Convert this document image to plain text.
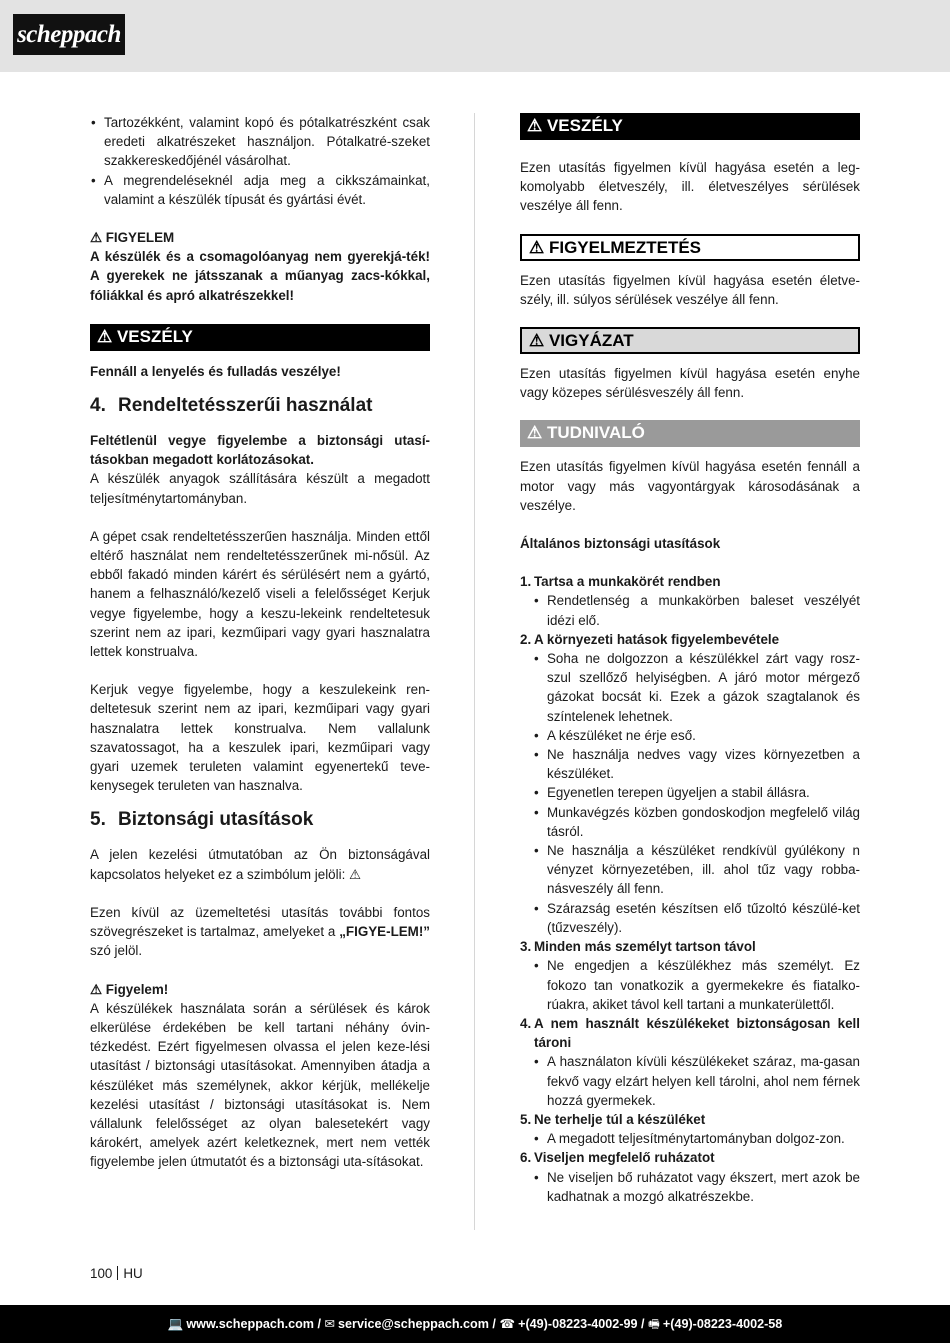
scheppach
• Tartozékként, valamint kopó és pótalkatrészként csak eredeti alkatrészeket használjon. Pótalkatré-szeket szakkereskedőjénél vásárolhat.
• A megrendeléseknél adja meg a cikkszámainkat, valamint a készülék típusát és gyártási évét.

⚠ FIGYELEM

A készülék és a csomagolóanyag nem gyerekjá-ték! A gyerekek ne játsszanak a műanyag zacs-kókkal, fóliákkal és apró alkatrészekkel!

⚠ VESZÉLY

Fennáll a lenyelés és fulladás veszélye!

4. Rendeltetésszerűi használat

Feltétlenül vegye figyelembe a biztonsági utasí-tásokban megadott korlátozásokat.

A készülék anyagok szállítására készült a megadott teljesítménytartományban.

A gépet csak rendeltetésszerűen használja. Minden ettől eltérő használat nem rendeltetésszerűnek mi-nősül. Az ebből fakadó minden kárért és sérülésért nem a gyártó, hanem a felhasználó/kezelő viseli a felelősséget Kerjuk vegye figyelembe, hogy a keszu-lekeink rendeltetesuk szerint nem az ipari, kezműipari vagy gyari hasznalatra lettek konstrualva.

Kerjuk vegye figyelembe, hogy a keszulekeink ren-deltetesuk szerint nem az ipari, kezműipari vagy gyari hasznalatra lettek konstrualva. Nem vallalunk szavatossagot, ha a keszulek ipari, kezműipari vagy gyari uzemek teruleten valamint egyenertekű teve-kenysegek teruleten van hasznalva.

5. Biztonsági utasítások

A jelen kezelési útmutatóban az Ön biztonságával kapcsolatos helyeket ez a szimbólum jelöli: ⚠

Ezen kívül az üzemeltetési utasítás további fontos szövegrészeket is tartalmaz, amelyeket a „FIGYE-LEM!” szó jelöl.

⚠ Figyelem!

A készülékek használata során a sérülések és károk elkerülése érdekében be kell tartani néhány óvin-tézkedést. Ezért figyelmesen olvassa el jelen keze-lési utasítást / biztonsági utasításokat. Amennyiben átadja a készüléket más személynek, akkor kérjük, mellékelje kezelési utasítást / biztonsági utasításokat is. Nem vállalunk felelősséget az olyan balesetekért vagy károkért, amelyek azért keletkeznek, mert nem vették figyelembe jelen útmutatót és a biztonsági uta-sításokat.

⚠ VESZÉLY

Ezen utasítás figyelmen kívül hagyása esetén a leg-komolyabb életveszély, ill. életveszélyes sérülések veszélye áll fenn.

⚠ FIGYELMEZTETÉS

Ezen utasítás figyelmen kívül hagyása esetén életve-szély, ill. súlyos sérülések veszélye áll fenn.

⚠ VIGYÁZAT

Ezen utasítás figyelmen kívül hagyása esetén enyhe vagy közepes sérülésveszély áll fenn.

⚠ TUDNIVALÓ

Ezen utasítás figyelmen kívül hagyása esetén fennáll a motor vagy más vagyontárgyak károsodásának a veszélye.

Általános biztonsági utasítások

1. Tartsa a munkakörét rendben
• Rendetlenség a munkakörben baleset veszélyét idézi elő.
2. A környezeti hatások figyelembevétele
• Soha ne dolgozzon a készülékkel zárt vagy rosz-szul szellőző helyiségben. A járó motor mérgező gázokat bocsát ki. Ezek a gázok szagtalanok és színtelenek lehetnek.
• A készüléket ne érje eső.
• Ne használja nedves vagy vizes környezetben a készüléket.
• Egyenetlen terepen ügyeljen a stabil állásra.
• Munkavégzés közben gondoskodjon megfelelő világ tásról.
• Ne használja a készüléket rendkívül gyúlékony n vényzet környezetében, ill. ahol tűz vagy robba-násveszély áll fenn.
• Szárazság esetén készítsen elő tűzoltó készülé-ket (tűzveszély).
3. Minden más személyt tartson távol
• Ne engedjen a készülékhez más személyt. Ez fokozo tan vonatkozik a gyermekekre és fiatalko-rúakra, akiket távol kell tartani a munkaterülettől.
4. A nem használt készülékeket biztonságosan kell tároni
• A használaton kívüli készülékeket száraz, ma-gasan fekvő vagy elzárt helyen kell tárolni, ahol nem férnek hozzá gyermekek.
5. Ne terhelje túl a készüléket
• A megadott teljesítménytartományban dolgoz-zon.
6. Viseljen megfelelő ruházatot
• Ne viseljen bő ruházatot vagy ékszert, mert azok be kadhatnak a mozgó alkatrészekbe.
100 HU
💻 www.scheppach.com / ✉ service@scheppach.com / ☎ +(49)-08223-4002-99 / 🖷 +(49)-08223-4002-58
